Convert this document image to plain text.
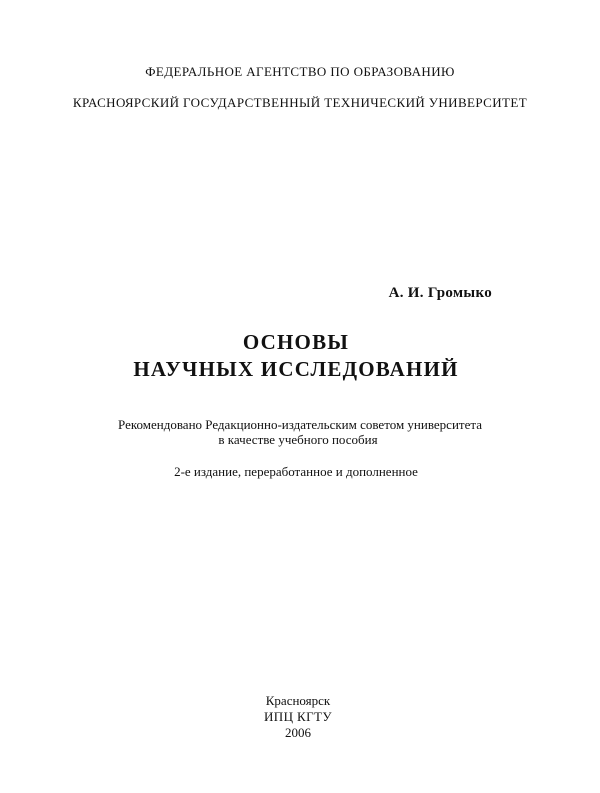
ФЕДЕРАЛЬНОЕ АГЕНТСТВО ПО ОБРАЗОВАНИЮ
КРАСНОЯРСКИЙ ГОСУДАРСТВЕННЫЙ ТЕХНИЧЕСКИЙ УНИВЕРСИТЕТ
А. И. Громыко
ОСНОВЫ
НАУЧНЫХ ИССЛЕДОВАНИЙ
Рекомендовано Редакционно-издательским советом университета
в качестве учебного пособия
2-е издание, переработанное и дополненное
Красноярск
ИПЦ КГТУ
2006
